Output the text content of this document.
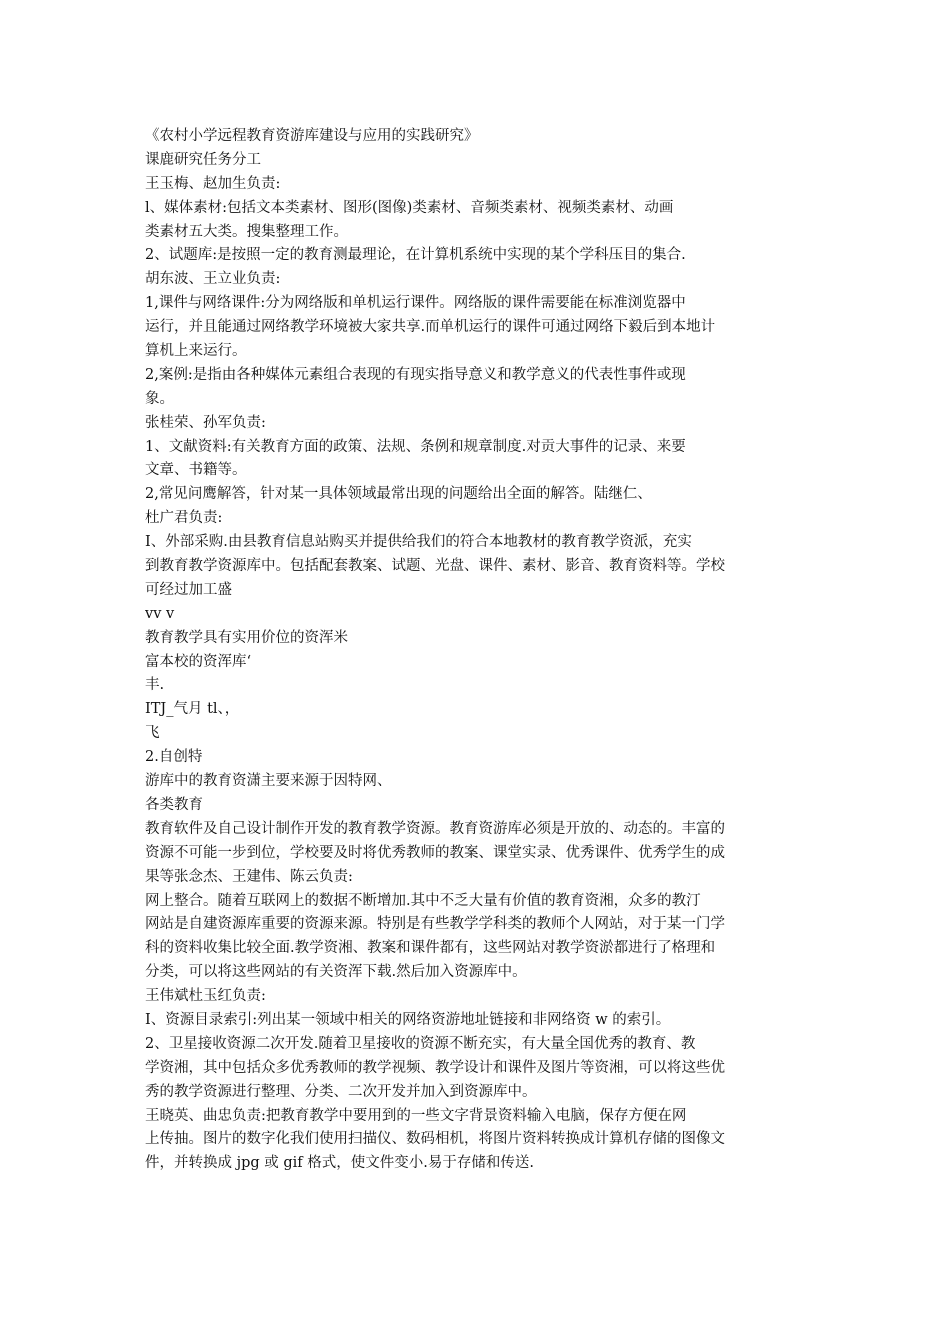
《农村小学远程教育资游库建设与应用的实践研究》
课鹿研究任务分工
王玉梅、赵加生负责:
l、媒体素材:包括文本类素材、图形(图像)类素材、音频类素材、视频类素材、动画
类素材五大类。搜集整理工作。
2、试题库:是按照一定的教育测最理论，在计算机系统中实现的某个学科压目的集合.
胡东波、王立业负责:
1,课件与网络课件:分为网络版和单机运行课件。网络版的课件需要能在标准浏览器中
运行，并且能通过网络教学环境被大家共享.而单机运行的课件可通过网络下毅后到本地计
算机上来运行。
2,案例:是指由各种媒体元素组合表现的有现实指导意义和教学意义的代表性事件或现
象。
张桂荣、孙军负责:
1、文献资料:有关教育方面的政策、法规、条例和规章制度.对贡大事件的记录、来要
文章、书籍等。
2,常见问鹰解答，针对某一具体领域最常出现的问题给出全面的解答。陆继仁、
杜广君负责:
I、外部采购.由县教育信息站购买并提供给我们的符合本地教材的教育教学资派，充实
到教育教学资源库中。包括配套教案、试题、光盘、课件、素材、影音、教育资料等。学校
可经过加工盛
vv v
教育教学具有实用价位的资浑米
富本校的资浑库‘
丰.
ITJ_气月 tl、，
飞
2.自创特
游库中的教育资潇主要来源于因特网、
各类教育
教育软件及自己设计制作开发的教育教学资源。教育资游库必须是开放的、动态的。丰富的
资源不可能一步到位，学校要及时将优秀教师的教案、课堂实录、优秀课件、优秀学生的成
果等张念杰、王建伟、陈云负责:
网上整合。随着互联网上的数据不断增加.其中不乏大量有价值的教育资湘，众多的教汀
网站是自建资源库重要的资源来源。特别是有些教学学科类的教师个人网站，对于某一门学
科的资料收集比较全面.教学资湘、教案和课件都有，这些网站对教学资淤都进行了格理和
分类，可以将这些网站的有关资浑下载.然后加入资源库中。
王伟斌杜玉红负责:
I、资源目录索引:列出某一领域中相关的网络资游地址链接和非网络资 w 的索引。
2、卫星接收资源二次开发.随着卫星接收的资源不断充实，有大量全国优秀的教育、教
学资湘，其中包括众多优秀教师的教学视频、教学设计和课件及图片等资湘，可以将这些优
秀的教学资源进行整理、分类、二次开发并加入到资源库中。
王晓英、曲忠负责:把教育教学中要用到的一些文字背景资料输入电脑，保存方便在网
上传抽。图片的数字化我们使用扫描仪、数码相机，将图片资料转换成计算机存储的图像文
件，并转换成 jpg 或 gif 格式，使文件变小.易于存储和传送.
